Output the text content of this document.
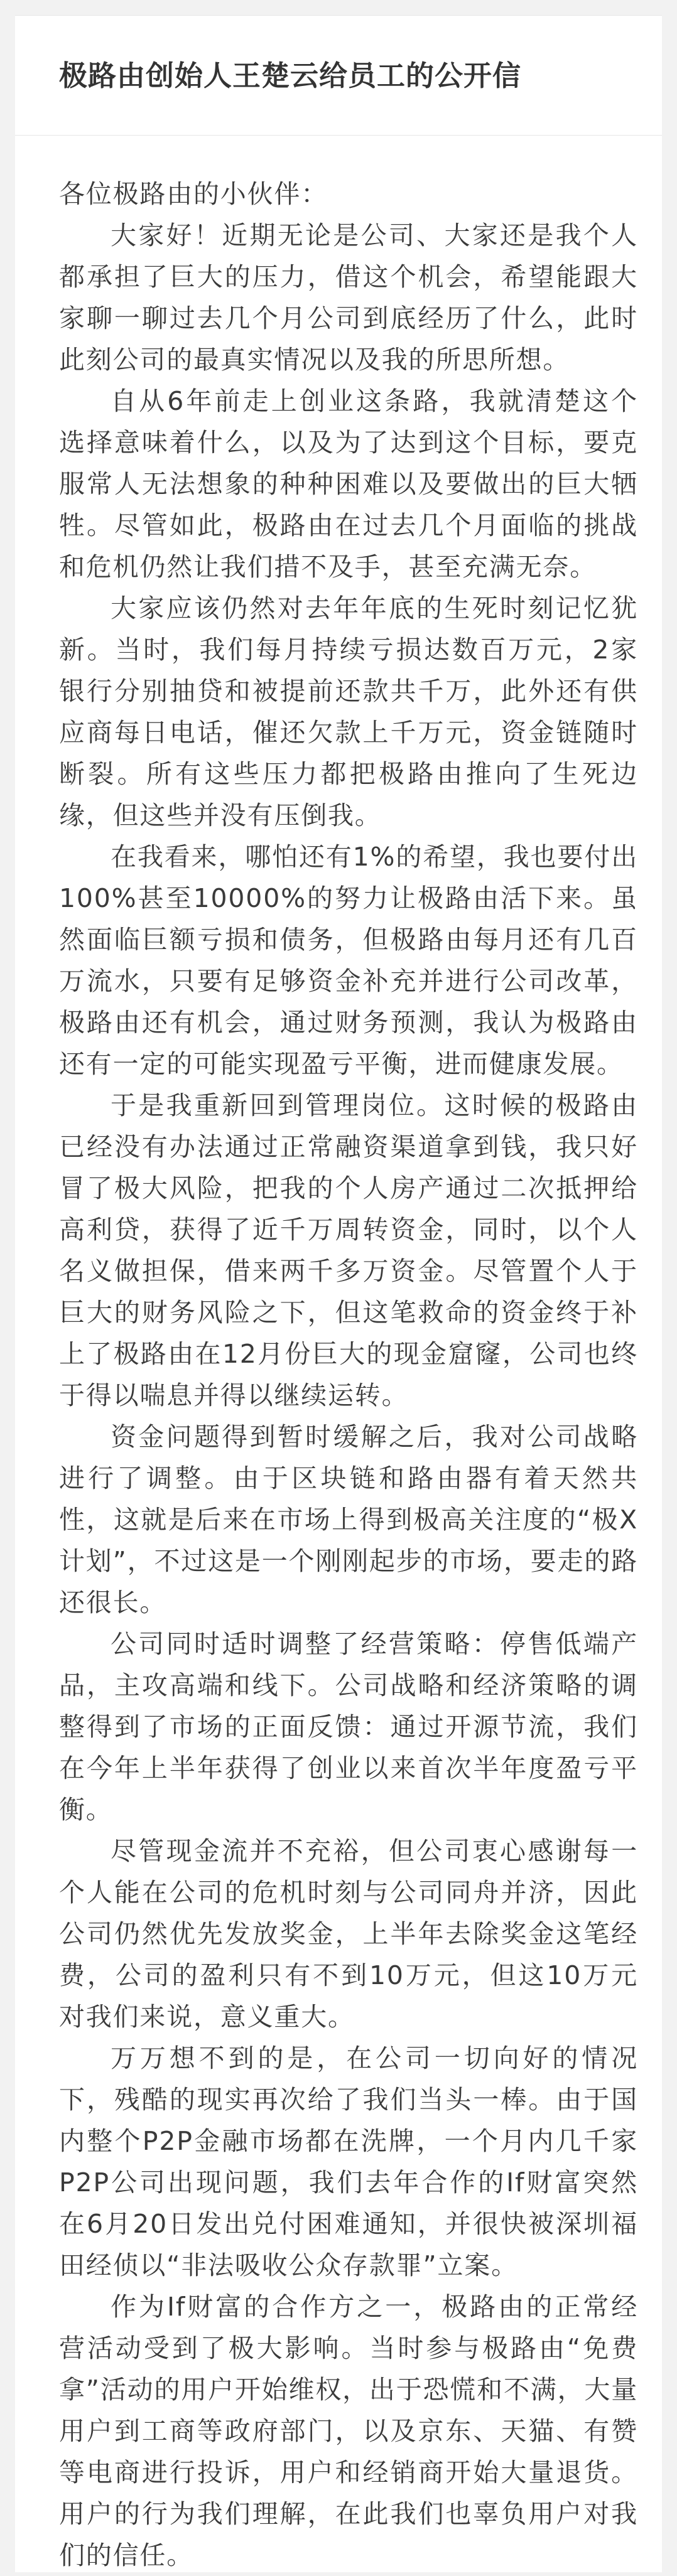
极路由创始人王楚云给员工的公开信

各位极路由的小伙伴：

大家好！近期无论是公司、大家还是我个人都承担了巨大的压力，借这个机会，希望能跟大家聊一聊过去几个月公司到底经历了什么，此时此刻公司的最真实情况以及我的所思所想。

自从6年前走上创业这条路，我就清楚这个选择意味着什么，以及为了达到这个目标，要克服常人无法想象的种种困难以及要做出的巨大牺牲。尽管如此，极路由在过去几个月面临的挑战和危机仍然让我们措不及手，甚至充满无奈。

大家应该仍然对去年年底的生死时刻记忆犹新。当时，我们每月持续亏损达数百万元，2家银行分别抽贷和被提前还款共千万，此外还有供应商每日电话，催还欠款上千万元，资金链随时断裂。所有这些压力都把极路由推向了生死边缘，但这些并没有压倒我。

在我看来，哪怕还有1%的希望，我也要付出100%甚至10000%的努力让极路由活下来。虽然面临巨额亏损和债务，但极路由每月还有几百万流水，只要有足够资金补充并进行公司改革，极路由还有机会，通过财务预测，我认为极路由还有一定的可能实现盈亏平衡，进而健康发展。

于是我重新回到管理岗位。这时候的极路由已经没有办法通过正常融资渠道拿到钱，我只好冒了极大风险，把我的个人房产通过二次抵押给高利贷，获得了近千万周转资金，同时，以个人名义做担保，借来两千多万资金。尽管置个人于巨大的财务风险之下，但这笔救命的资金终于补上了极路由在12月份巨大的现金窟窿，公司也终于得以喘息并得以继续运转。

资金问题得到暂时缓解之后，我对公司战略进行了调整。由于区块链和路由器有着天然共性，这就是后来在市场上得到极高关注度的“极X计划”，不过这是一个刚刚起步的市场，要走的路还很长。

公司同时适时调整了经营策略：停售低端产品，主攻高端和线下。公司战略和经济策略的调整得到了市场的正面反馈：通过开源节流，我们在今年上半年获得了创业以来首次半年度盈亏平衡。

尽管现金流并不充裕，但公司衷心感谢每一个人能在公司的危机时刻与公司同舟并济，因此公司仍然优先发放奖金，上半年去除奖金这笔经费，公司的盈利只有不到10万元，但这10万元对我们来说，意义重大。

万万想不到的是，在公司一切向好的情况下，残酷的现实再次给了我们当头一棒。由于国内整个P2P金融市场都在洗牌，一个月内几千家P2P公司出现问题，我们去年合作的If财富突然在6月20日发出兑付困难通知，并很快被深圳福田经侦以“非法吸收公众存款罪”立案。

作为If财富的合作方之一，极路由的正常经营活动受到了极大影响。当时参与极路由“免费拿”活动的用户开始维权，出于恐慌和不满，大量用户到工商等政府部门，以及京东、天猫、有赞等电商进行投诉，用户和经销商开始大量退货。用户的行为我们理解，在此我们也辜负用户对我们的信任。
